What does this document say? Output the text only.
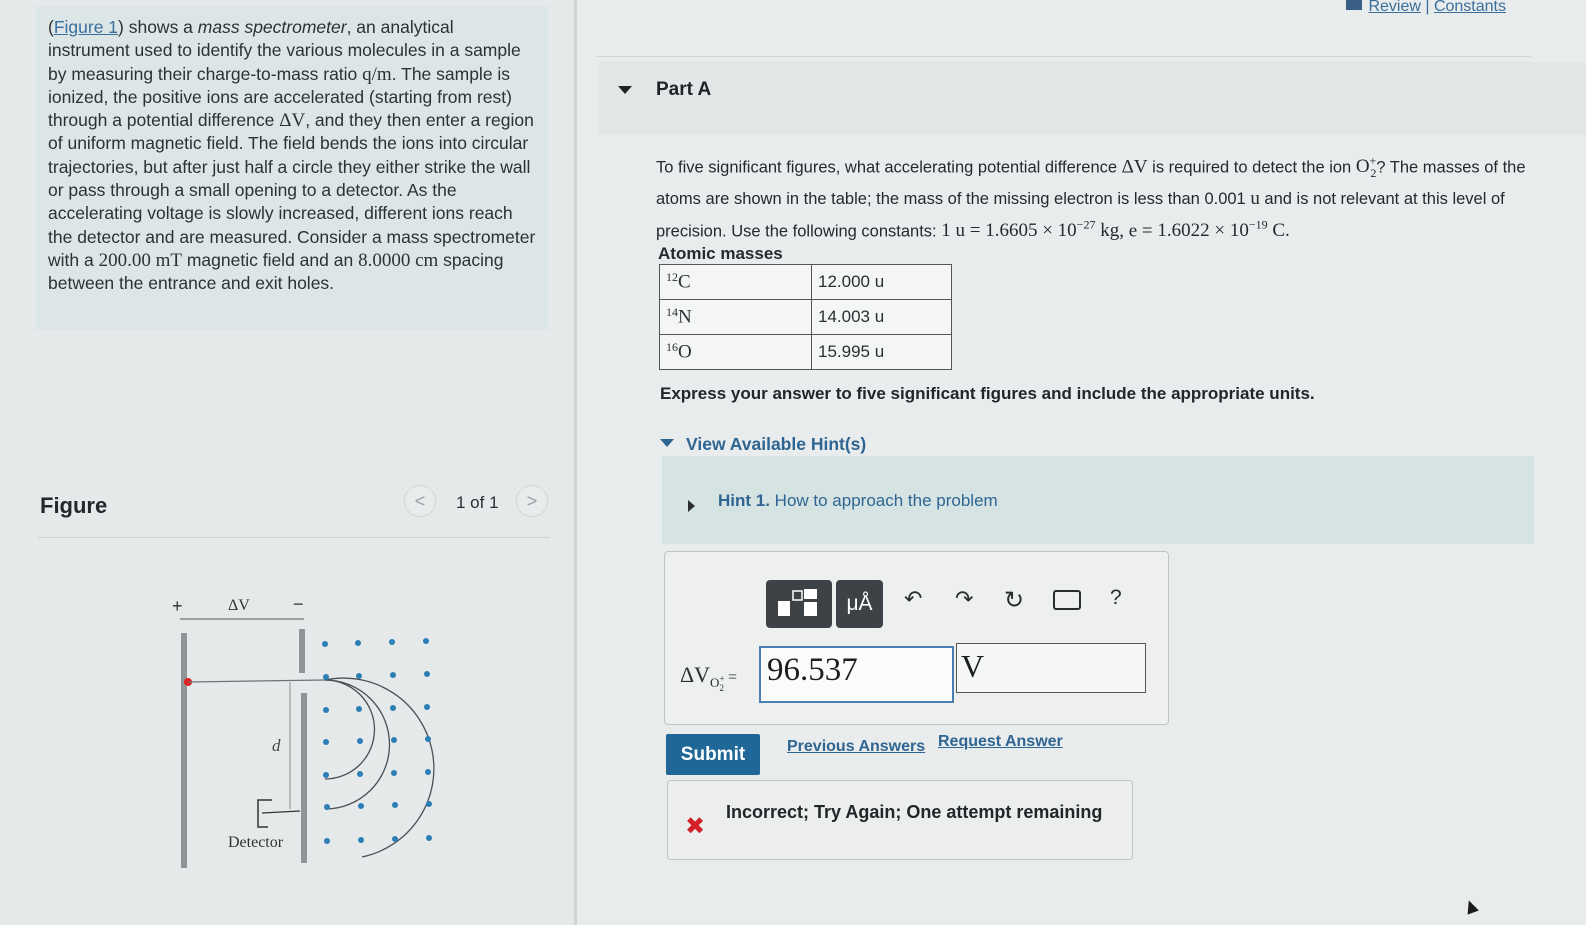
(Figure 1) shows a mass spectrometer, an analytical instrument used to identify the various molecules in a sample by measuring their charge-to-mass ratio q/m. The sample is ionized, the positive ions are accelerated (starting from rest) through a potential difference ΔV, and they then enter a region of uniform magnetic field. The field bends the ions into circular trajectories, but after just half a circle they either strike the wall or pass through a small opening to a detector. As the accelerating voltage is slowly increased, different ions reach the detector and are measured. Consider a mass spectrometer with a 200.00 mT magnetic field and an 8.0000 cm spacing between the entrance and exit holes.
Figure	<	1 of 1	>
+	ΔV −
d
Detector
Review | Constants
Part A
To five significant figures, what accelerating potential difference ΔV is required to detect the ion $O^+_2$? The masses of the atoms are shown in the table; the mass of the missing electron is less than 0.001 u and is not relevant at this level of precision. Use the following constants: 1 $u = 1.6605 \times 10^{-27}$ kg, $e = 1.6022 \times 10^{-19}$ C.
Atomic masses
$^{12}$C	12.000 u
$^{14}$N	14.003 u
$^{16}$O	15.995 u
Express your answer to five significant figures and include the appropriate units.
View Available Hint(s)
Hint 1. How to approach the problem
μÅ	↶ ↷ ↻	?
$\Delta V_{O^+_2} = 96.537$	V
Submit	Previous Answers Request Answer
✖
Incorrect; Try Again; One attempt remaining
